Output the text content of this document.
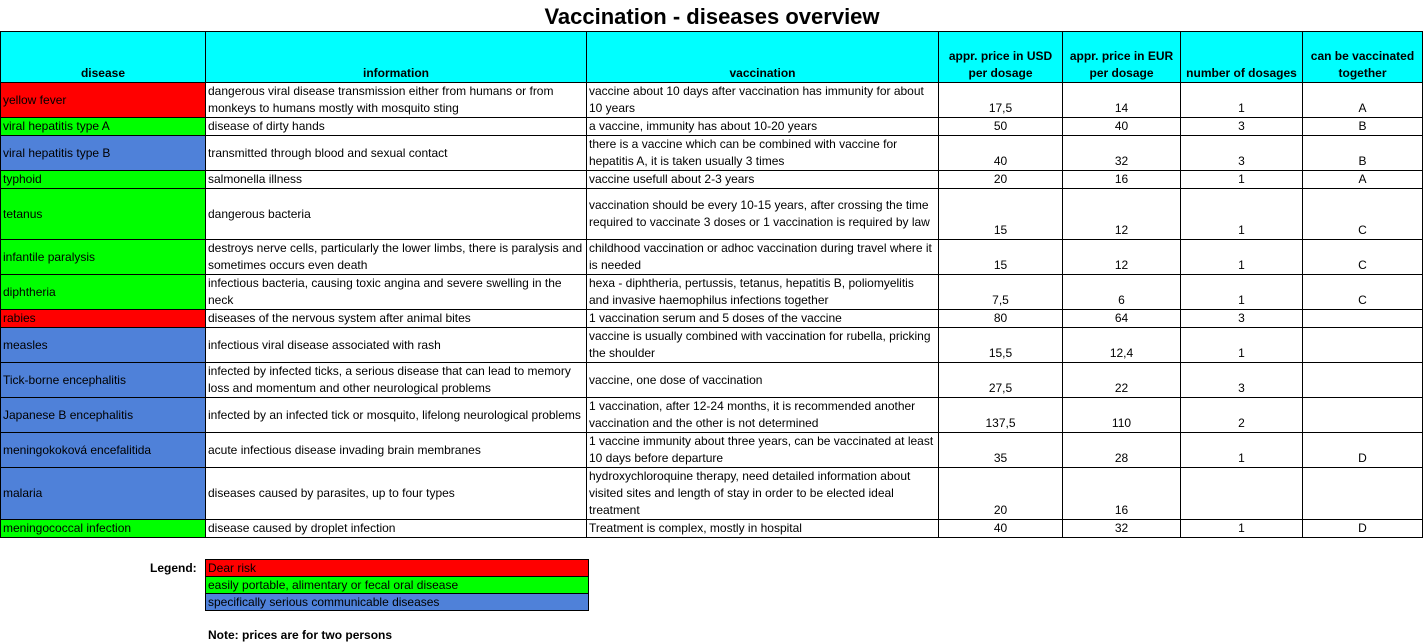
Vaccination - diseases overview
disease	information	vaccination	appr. price in USD per dosage	appr. price in EUR per dosage	number of dosages	can be vaccinated together
yellow fever	dangerous viral disease transmission either from humans or from monkeys to humans mostly with mosquito sting	vaccine about 10 days after vaccination has immunity for about 10 years	17,5	14	1	A
viral hepatitis type A	disease of dirty hands	a vaccine, immunity has about 10-20 years	50	40	3	B
viral hepatitis type B	transmitted through blood and sexual contact	there is a vaccine which can be combined with vaccine for hepatitis A, it is taken usually 3 times	40	32	3	B
typhoid	salmonella illness	vaccine usefull about 2-3 years	20	16	1	A
tetanus	dangerous bacteria	vaccination should be every 10-15 years, after crossing the time required to vaccinate 3 doses or 1 vaccination is required by law	15	12	1	C
infantile paralysis	destroys nerve cells, particularly the lower limbs, there is paralysis and sometimes occurs even death	childhood vaccination or adhoc vaccination during travel where it is needed	15	12	1	C
diphtheria	infectious bacteria, causing toxic angina and severe swelling in the neck	hexa - diphtheria, pertussis, tetanus, hepatitis B, poliomyelitis and invasive haemophilus infections together	7,5	6	1	C
rabies	diseases of the nervous system after animal bites	1 vaccination serum and 5 doses of the vaccine	80	64	3	
measles	infectious viral disease associated with rash	vaccine is usually combined with vaccination for rubella, pricking the shoulder	15,5	12,4	1	
Tick-borne encephalitis	infected by infected ticks, a serious disease that can lead to memory loss and momentum and other neurological problems	vaccine, one dose of vaccination	27,5	22	3	
Japanese B encephalitis	infected by an infected tick or mosquito, lifelong neurological problems	1 vaccination, after 12-24 months, it is recommended another vaccination and the other is not determined	137,5	110	2	
meningokoková encefalitida	acute infectious disease invading brain membranes	1 vaccine immunity about three years, can be vaccinated at least 10 days before departure	35	28	1	D
malaria	diseases caused by parasites, up to four types	hydroxychloroquine therapy, need detailed information about visited sites and length of stay in order to be elected ideal treatment	20	16		
meningococcal infection	disease caused by droplet infection	Treatment is complex, mostly in hospital	40	32	1	D
Legend: Dear risk
easily portable, alimentary or fecal oral disease
specifically serious communicable diseases
Note: prices are for two persons
